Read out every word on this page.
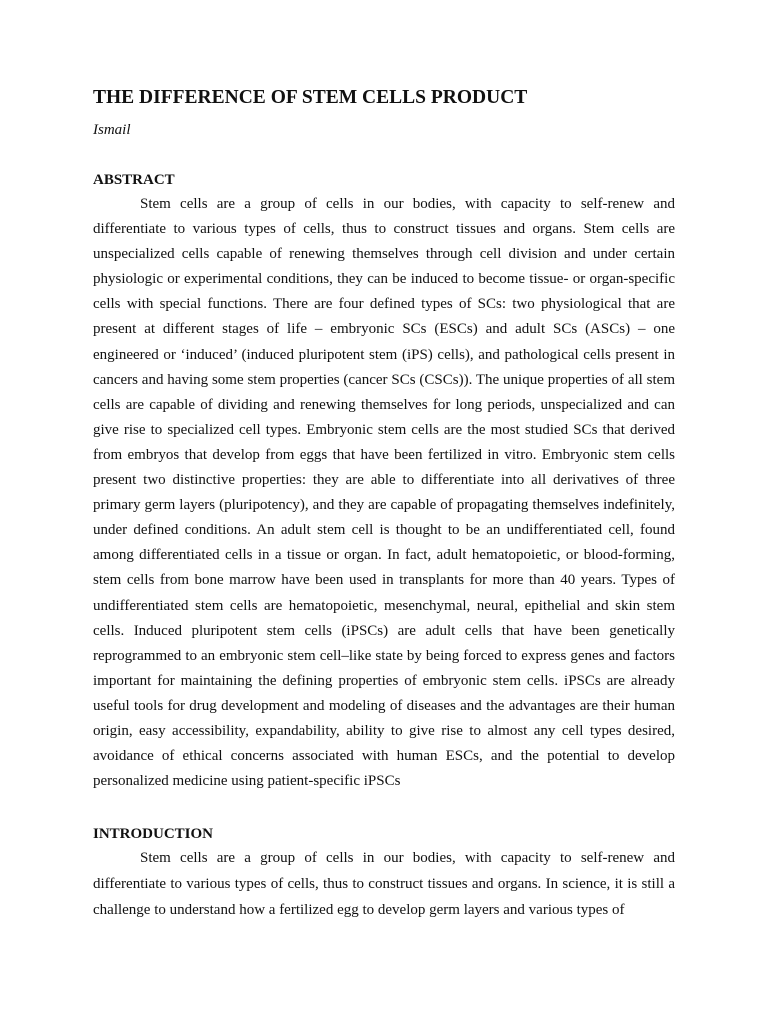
THE DIFFERENCE OF STEM CELLS PRODUCT

Ismail

ABSTRACT

Stem cells are a group of cells in our bodies, with capacity to self-renew and differentiate to various types of cells, thus to construct tissues and organs. Stem cells are unspecialized cells capable of renewing themselves through cell division and under certain physiologic or experimental conditions, they can be induced to become tissue- or organ-specific cells with special functions. There are four defined types of SCs: two physiological that are present at different stages of life – embryonic SCs (ESCs) and adult SCs (ASCs) – one engineered or ‘induced’ (induced pluripotent stem (iPS) cells), and pathological cells present in cancers and having some stem properties (cancer SCs (CSCs)). The unique properties of all stem cells are capable of dividing and renewing themselves for long periods, unspecialized and can give rise to specialized cell types. Embryonic stem cells are the most studied SCs that derived from embryos that develop from eggs that have been fertilized in vitro. Embryonic stem cells present two distinctive properties: they are able to differentiate into all derivatives of three primary germ layers (pluripotency), and they are capable of propagating themselves indefinitely, under defined conditions. An adult stem cell is thought to be an undifferentiated cell, found among differentiated cells in a tissue or organ. In fact, adult hematopoietic, or blood-forming, stem cells from bone marrow have been used in transplants for more than 40 years. Types of undifferentiated stem cells are hematopoietic, mesenchymal, neural, epithelial and skin stem cells. Induced pluripotent stem cells (iPSCs) are adult cells that have been genetically reprogrammed to an embryonic stem cell–like state by being forced to express genes and factors important for maintaining the defining properties of embryonic stem cells. iPSCs are already useful tools for drug development and modeling of diseases and the advantages are their human origin, easy accessibility, expandability, ability to give rise to almost any cell types desired, avoidance of ethical concerns associated with human ESCs, and the potential to develop personalized medicine using patient-specific iPSCs

INTRODUCTION

Stem cells are a group of cells in our bodies, with capacity to self-renew and differentiate to various types of cells, thus to construct tissues and organs. In science, it is still a challenge to understand how a fertilized egg to develop germ layers and various types of
